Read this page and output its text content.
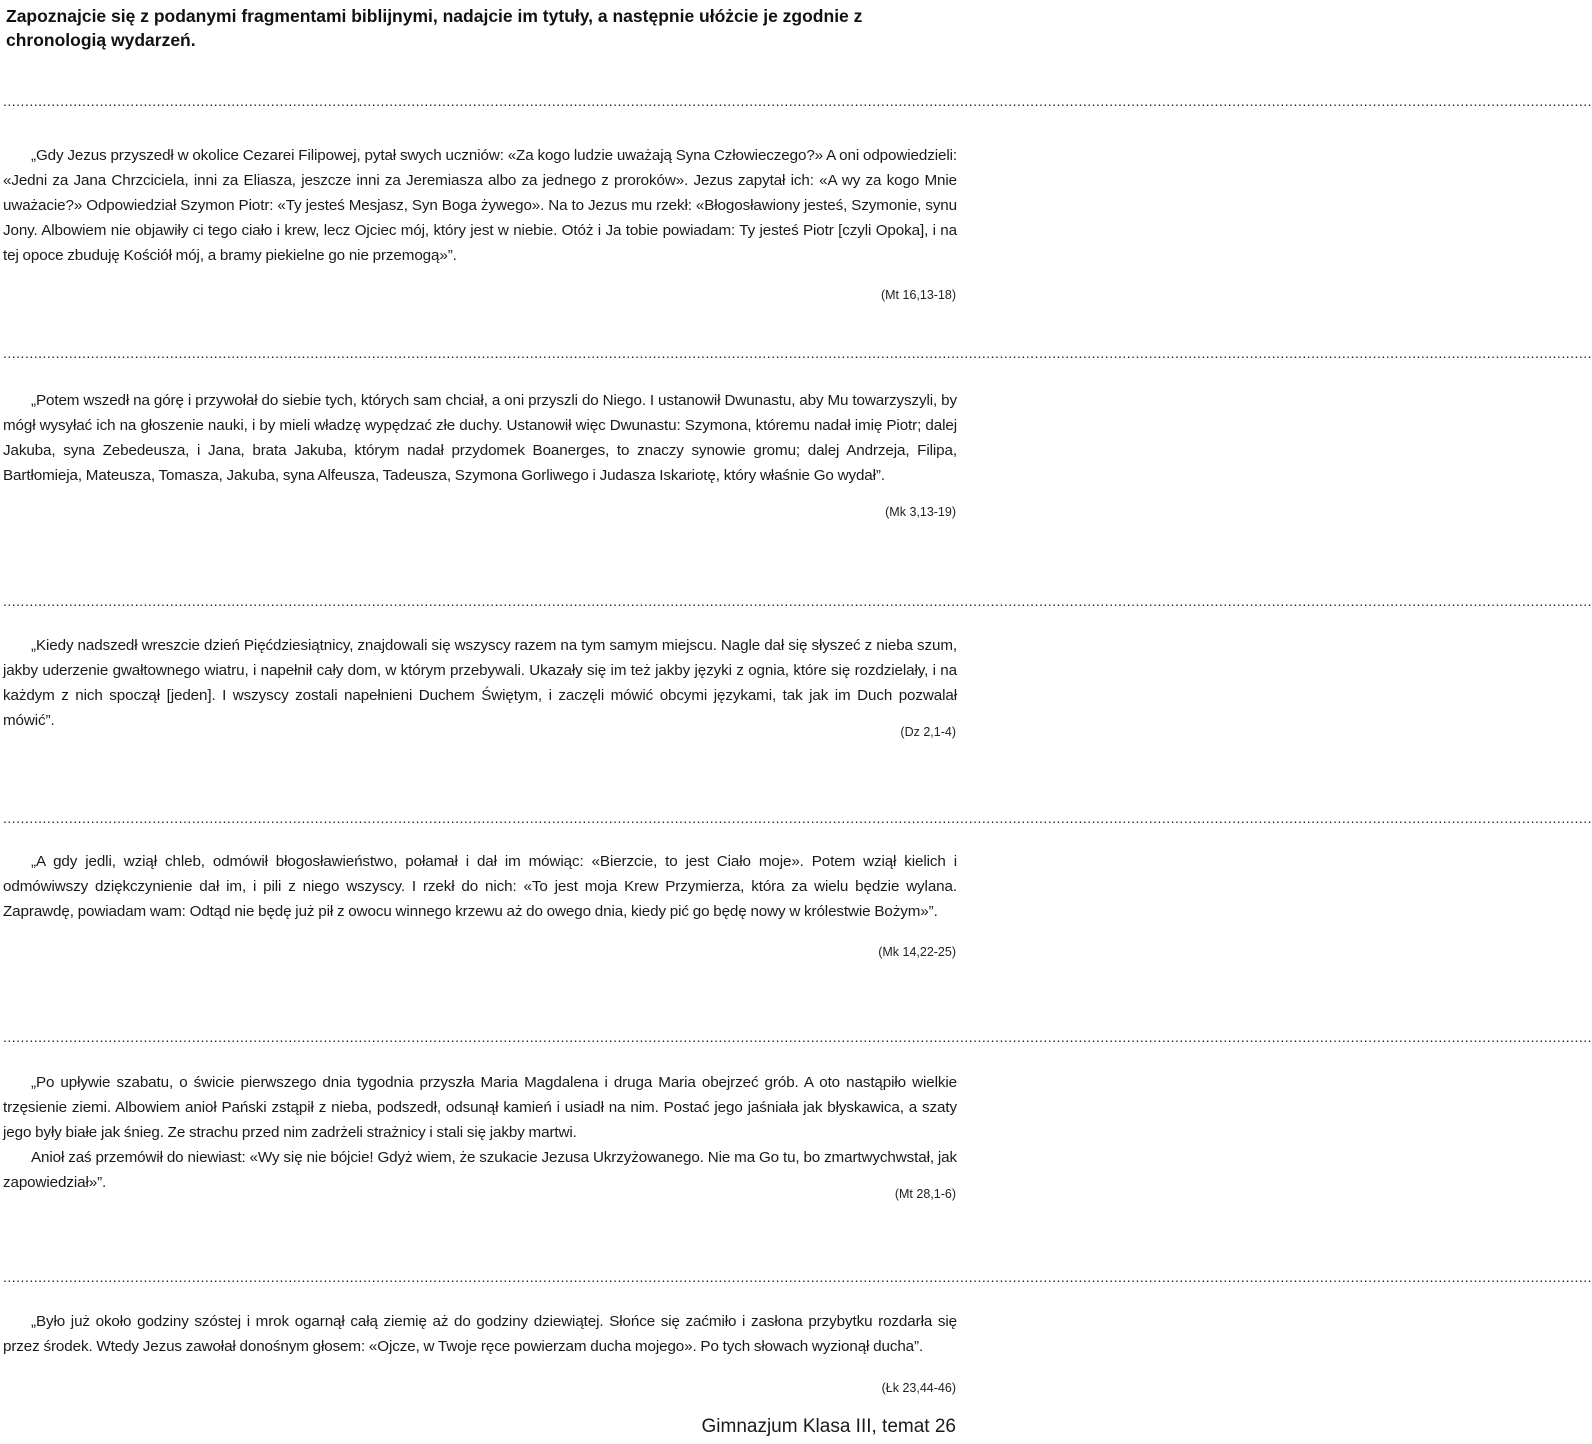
Zapoznajcie się z podanymi fragmentami biblijnymi, nadajcie im tytuły, a następnie ułóżcie je zgodnie z chronologią wydarzeń.
..........................................................................................................................................................................................................................................................................................................................................................................

„Gdy Jezus przyszedł w okolice Cezarei Filipowej, pytał swych uczniów: «Za kogo ludzie uważają Syna Człowieczego?» A oni odpowiedzieli: «Jedni za Jana Chrzciciela, inni za Eliasza, jeszcze inni za Jeremiasza albo za jednego z proroków». Jezus zapytał ich: «A wy za kogo Mnie uważacie?» Odpowiedział Szymon Piotr: «Ty jesteś Mesjasz, Syn Boga żywego». Na to Jezus mu rzekł: «Błogosławiony jesteś, Szymonie, synu Jony. Albowiem nie objawiły ci tego ciało i krew, lecz Ojciec mój, który jest w niebie. Otóż i Ja tobie powiadam: Ty jesteś Piotr [czyli Opoka], i na tej opoce zbuduję Kościół mój, a bramy piekielne go nie przemogą»”.

(Mt 16,13-18)
..........................................................................................................................................................................................................................................................................................................................................................................

„Potem wszedł na górę i przywołał do siebie tych, których sam chciał, a oni przyszli do Niego. I ustanowił Dwunastu, aby Mu towarzyszyli, by mógł wysyłać ich na głoszenie nauki, i by mieli władzę wypędzać złe duchy. Ustanowił więc Dwunastu: Szymona, któremu nadał imię Piotr; dalej Jakuba, syna Zebedeusza, i Jana, brata Jakuba, którym nadał przydomek Boanerges, to znaczy synowie gromu; dalej Andrzeja, Filipa, Bartłomieja, Mateusza, Tomasza, Jakuba, syna Alfeusza, Tadeusza, Szymona Gorliwego i Judasza Iskariotę, który właśnie Go wydał”.

(Mk 3,13-19)
..........................................................................................................................................................................................................................................................................................................................................................................

„Kiedy nadszedł wreszcie dzień Pięćdziesiątnicy, znajdowali się wszyscy razem na tym samym miejscu. Nagle dał się słyszeć z nieba szum, jakby uderzenie gwałtownego wiatru, i napełnił cały dom, w którym przebywali. Ukazały się im też jakby języki z ognia, które się rozdzielały, i na każdym z nich spoczął [jeden]. I wszyscy zostali napełnieni Duchem Świętym, i zaczęli mówić obcymi językami, tak jak im Duch pozwalał mówić”.

(Dz 2,1-4)
..........................................................................................................................................................................................................................................................................................................................................................................

„A gdy jedli, wziął chleb, odmówił błogosławieństwo, połamał i dał im mówiąc: «Bierzcie, to jest Ciało moje». Potem wziął kielich i odmówiwszy dziękczynienie dał im, i pili z niego wszyscy. I rzekł do nich: «To jest moja Krew Przymierza, która za wielu będzie wylana. Zaprawdę, powiadam wam: Odtąd nie będę już pił z owocu winnego krzewu aż do owego dnia, kiedy pić go będę nowy w królestwie Bożym»”.

(Mk 14,22-25)
..........................................................................................................................................................................................................................................................................................................................................................................

„Po upływie szabatu, o świcie pierwszego dnia tygodnia przyszła Maria Magdalena i druga Maria obejrzeć grób. A oto nastąpiło wielkie trzęsienie ziemi. Albowiem anioł Pański zstąpił z nieba, podszedł, odsunął kamień i usiadł na nim. Postać jego jaśniała jak błyskawica, a szaty jego były białe jak śnieg. Ze strachu przed nim zadrżeli strażnicy i stali się jakby martwi.

Anioł zaś przemówił do niewiast: «Wy się nie bójcie! Gdyż wiem, że szukacie Jezusa Ukrzyżowanego. Nie ma Go tu, bo zmartwychwstał, jak zapowiedział»”.

(Mt 28,1-6)
..........................................................................................................................................................................................................................................................................................................................................................................

„Było już około godziny szóstej i mrok ogarnął całą ziemię aż do godziny dziewiątej. Słońce się zaćmiło i zasłona przybytku rozdarła się przez środek. Wtedy Jezus zawołał donośnym głosem: «Ojcze, w Twoje ręce powierzam ducha mojego». Po tych słowach wyzionął ducha”.

(Łk 23,44-46)
Gimnazjum Klasa III, temat 26
